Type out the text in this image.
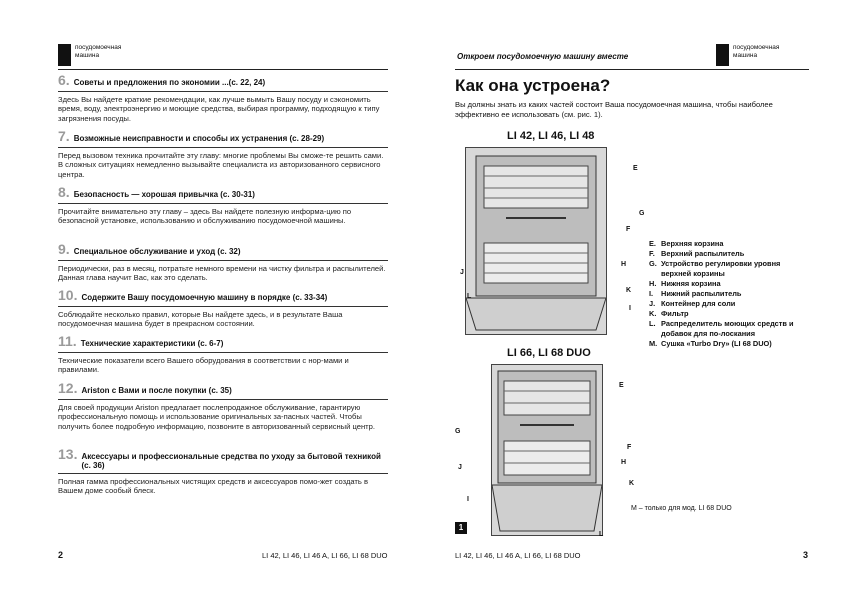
посудомоечная
машина
6. Советы и предложения по экономии ...(с. 22, 24)
Здесь Вы найдете краткие рекомендации, как лучше вымыть Вашу посуду и сэкономить время, воду, электроэнергию и моющие средства, выбирая программу, подходящую к типу загрязнения посуды.
7. Возможные неисправности и способы их устранения (с. 28-29)
Перед вызовом техника прочитайте эту главу: многие проблемы Вы сможе-те решить сами. В сложных ситуациях немедленно вызывайте специалиста из авторизованного сервисного центра.
8. Безопасность — хорошая привычка (с. 30-31)
Прочитайте внимательно эту главу – здесь Вы найдете полезную информа-цию по безопасной установке, использованию и обслуживанию посудомоечной машины.
9. Специальное обслуживание и уход (с. 32)
Периодически, раз в месяц, потратьте немного времени на чистку фильтра и распылителей. Данная глава научит Вас, как это сделать.
10. Содержите Вашу посудомоечную машину в порядке (с. 33-34)
Соблюдайте несколько правил, которые Вы найдете здесь, и в результате Ваша посудомоечная машина будет в прекрасном состоянии.
11. Технические характеристики (с. 6-7)
Технические показатели всего Вашего оборудования в соответствии с нор-мами и правилами.
12. Ariston с Вами и после покупки (с. 35)
Для своей продукции Ariston предлагает послепродажное обслуживание, гарантирую профессиональную помощь и использование оригинальных за-пасных частей. Чтобы получить более подробную информацию, позвоните в авторизованный сервисный центр.
13. Аксессуары и профессиональные средства по уходу за бытовой техникой (с. 36)
Полная гамма профессиональных чистящих средств и аксессуаров помо-жет создать в Вашем доме сообый блеск.
2	LI 42, LI 46, LI 46 A, LI 66, LI 68 DUO
Откроем посудомоечную машину вместе
посудомоечная
машина
Как она устроена?
Вы должны знать из каких частей состоит Ваша посудомоечная машина, чтобы наиболее эффективно ее использовать (см. рис. 1).
LI 42, LI 46, LI 48
E
G
F
H
K
J
L
I
E. Верхняя корзина
F. Верхний распылитель
G. Устройство регулировки уровня верхней корзины
H. Нижняя корзина
I.	Нижний распылитель
J. Контейнер для соли
K. Фильтр
L. Распределитель моющих средств и добавок для по-лоскания
M. Сушка «Turbo Dry» (LI 68 DUO)
LI 66, LI 68 DUO
E
G
F
H
J
K
I
L
M – только для мод. LI 68 DUO
1
LI 42, LI 46, LI 46 A, LI 66, LI 68 DUO	3
